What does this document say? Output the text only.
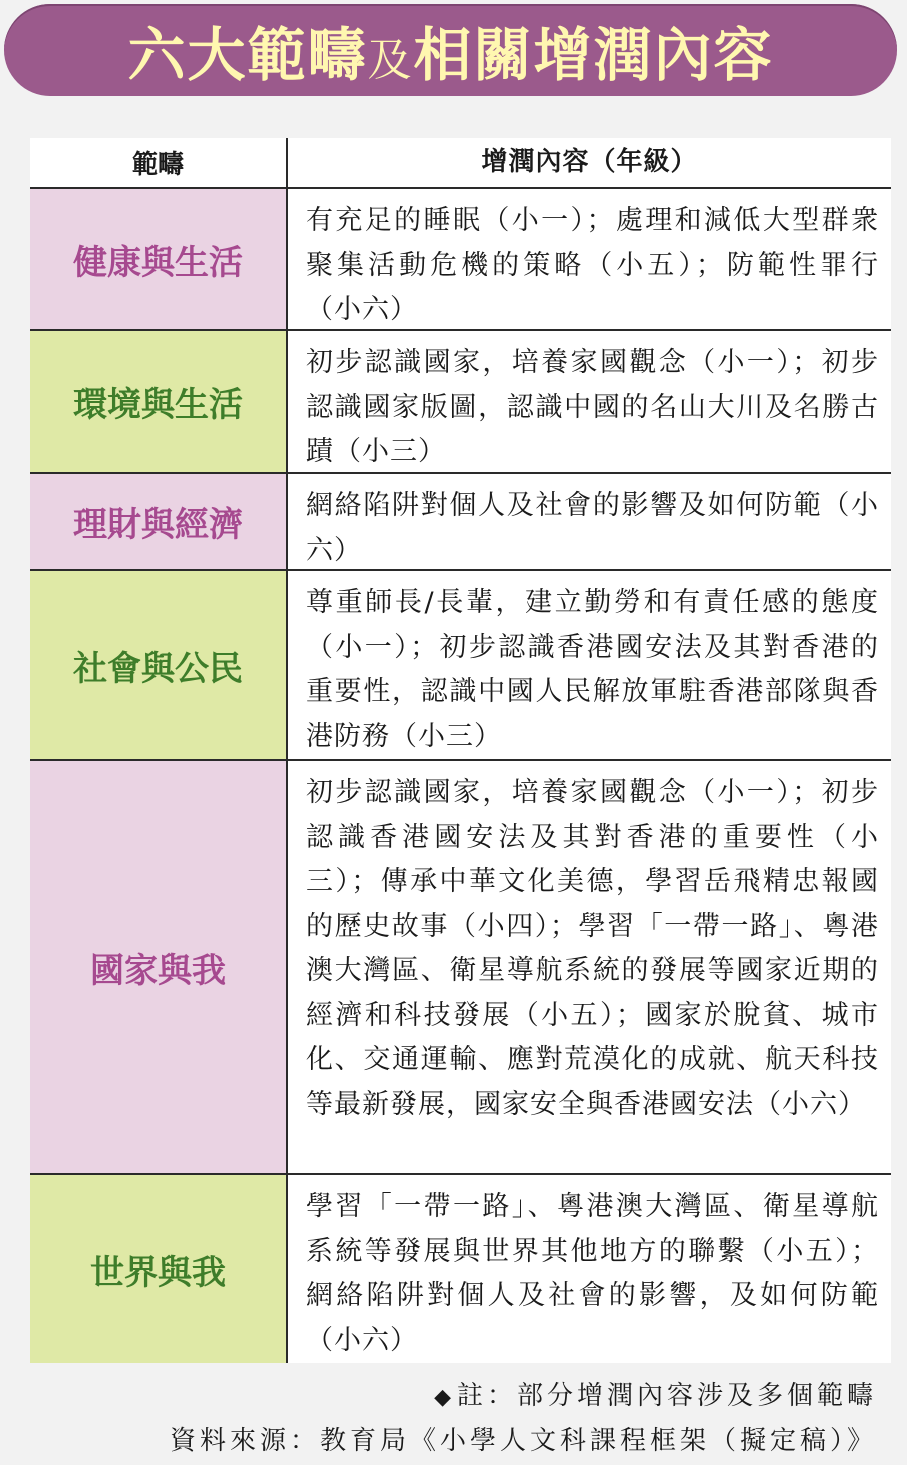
六大範疇及相關增潤內容
範疇	增潤內容（年級）
健康與生活
有充足的睡眠（小一）；處理和減低大型群衆聚集活動危機的策略（小五）；防範性罪行（小六）
環境與生活
初步認識國家，培養家國觀念（小一）；初步認識國家版圖，認識中國的名山大川及名勝古蹟（小三）
理財與經濟	網絡陷阱對個人及社會的影響及如何防範（小六）
社會與公民
尊重師長/長輩，建立勤勞和有責任感的態度（小一）；初步認識香港國安法及其對香港的重要性，認識中國人民解放軍駐香港部隊與香港防務（小三）
國家與我
初步認識國家，培養家國觀念（小一）；初步認識香港國安法及其對香港的重要性（小三）；傳承中華文化美德，學習岳飛精忠報國的歷史故事（小四）；學習「一帶一路」、粵港澳大灣區、衛星導航系統的發展等國家近期的經濟和科技發展（小五）；國家於脫貧、城市化、交通運輸、應對荒漠化的成就、航天科技等最新發展，國家安全與香港國安法（小六）
世界與我
學習「一帶一路」、粵港澳大灣區、衛星導航系統等發展與世界其他地方的聯繫（小五）；網絡陷阱對個人及社會的影響，及如何防範（小六）
◆註：部分增潤內容涉及多個範疇
資料來源：教育局《小學人文科課程框架（擬定稿）》
